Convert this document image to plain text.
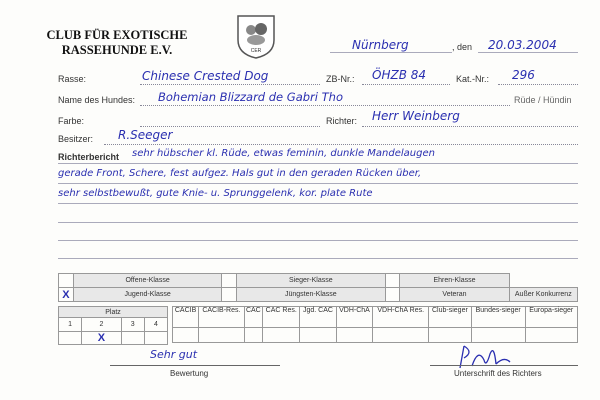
CLUB FÜR EXOTISCHE
RASSEHUNDE E.V.	CER	Nürnberg	, den 20.03.2004
Rasse:	Chinese Crested Dog	ZB-Nr.: ÖHZB 84	Kat.-Nr.: 296
Name des Hundes: Bohemian Blizzard de Gabri Tho	Rüde / Hündin
Farbe:	Richter: Herr Weinberg
Besitzer: R.Seeger
Richterbericht sehr hübscher kl. Rüde, etwas feminin, dunkle Mandelaugen
gerade Front, Schere, fest aufgez. Hals gut in den geraden Rücken über,
sehr selbstbewußt, gute Knie- u. Sprunggelenk, kor. plate Rute
	Offene-Klasse		Sieger-Klasse		Ehren-Klasse	
X	Jugend-Klasse		Jüngsten-Klasse		Veteran	Außer Konkurrenz
Platz			
1	2	3	4
	X		
CACIB	CACIB-Res.	CAC	CAC Res.	Jgd. CAC	VDH-ChA	VDH-ChA Res.	Club-sieger	Bundes-sieger	Europa-sieger

Sehr gut
Bewertung	Unterschrift des Richters
